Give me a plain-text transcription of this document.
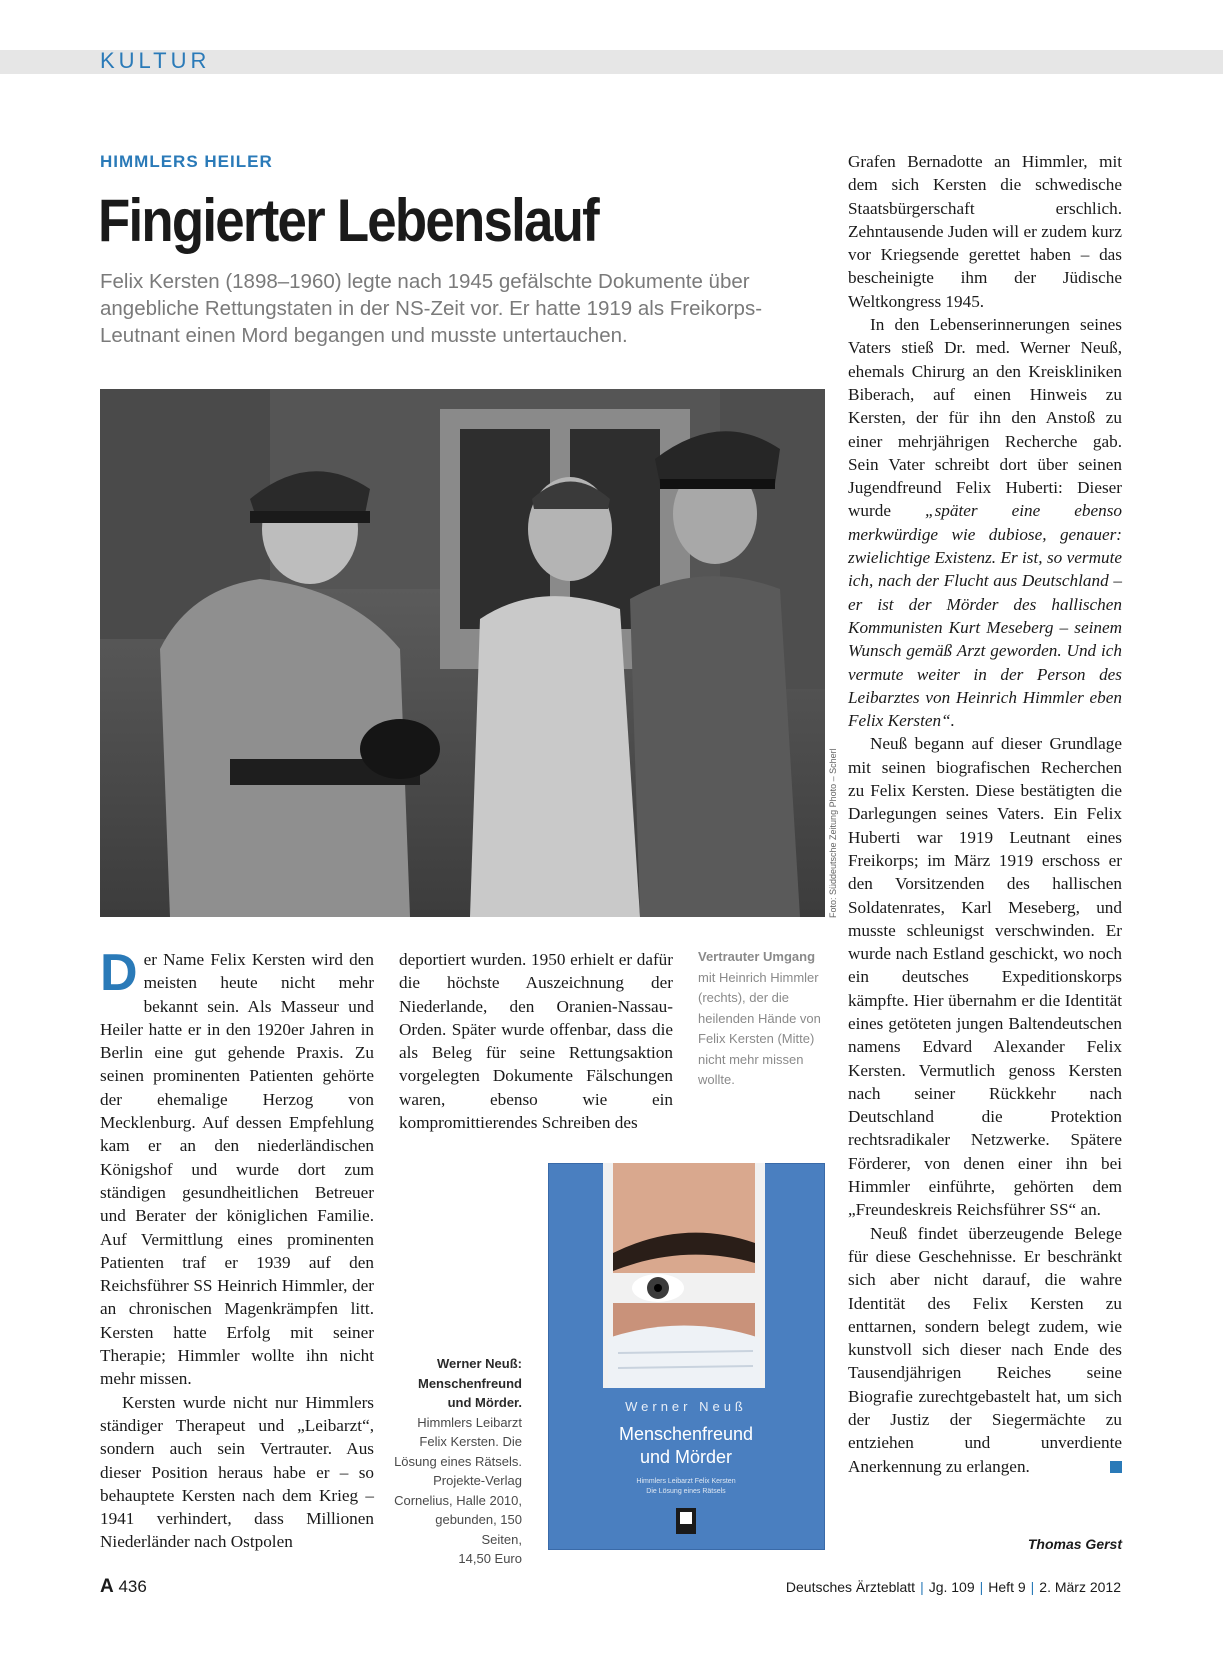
KULTUR
HIMMLERS HEILER
Fingierter Lebenslauf
Felix Kersten (1898–1960) legte nach 1945 gefälschte Dokumente über angebliche Rettungstaten in der NS-Zeit vor. Er hatte 1919 als Freikorps-Leutnant einen Mord begangen und musste untertauchen.
Foto: Süddeutsche Zeitung Photo – Scherl

Der Name Felix Kersten wird den meisten heute nicht mehr bekannt sein. Als Masseur und Heiler hatte er in den 1920er Jahren in Berlin eine gut gehende Praxis. Zu seinen prominenten Patienten gehörte der ehemalige Herzog von Mecklenburg. Auf dessen Empfehlung kam er an den niederländischen Königshof und wurde dort zum ständigen gesundheitlichen Betreuer und Berater der königlichen Familie. Auf Vermittlung eines prominenten Patienten traf er 1939 auf den Reichsführer SS Heinrich Himmler, der an chronischen Magenkrämpfen litt. Kersten hatte Erfolg mit seiner Therapie; Himmler wollte ihn nicht mehr missen.

Kersten wurde nicht nur Himmlers ständiger Therapeut und „Leibarzt“, sondern auch sein Vertrauter. Aus dieser Position heraus habe er – so behauptete Kersten nach dem Krieg – 1941 verhindert, dass Millionen Niederländer nach Ostpolen

deportiert wurden. 1950 erhielt er dafür die höchste Auszeichnung der Niederlande, den Oranien-Nassau-Orden. Später wurde offenbar, dass die als Beleg für seine Rettungsaktion vorgelegten Dokumente Fälschungen waren, ebenso wie ein kompromittierendes Schreiben des

Vertrauter Umgang mit Heinrich Himmler (rechts), der die heilenden Hände von Felix Kersten (Mitte) nicht mehr missen wollte.

Grafen Bernadotte an Himmler, mit dem sich Kersten die schwedische Staatsbürgerschaft erschlich. Zehntausende Juden will er zudem kurz vor Kriegsende gerettet haben – das bescheinigte ihm der Jüdische Weltkongress 1945.

In den Lebenserinnerungen seines Vaters stieß Dr. med. Werner Neuß, ehemals Chirurg an den Kreiskliniken Biberach, auf einen Hinweis zu Kersten, der für ihn den Anstoß zu einer mehrjährigen Recherche gab. Sein Vater schreibt dort über seinen Jugendfreund Felix Huberti: Dieser wurde „später eine ebenso merkwürdige wie dubiose, genauer: zwielichtige Existenz. Er ist, so vermute ich, nach der Flucht aus Deutschland – er ist der Mörder des hallischen Kommunisten Kurt Meseberg – seinem Wunsch gemäß Arzt geworden. Und ich vermute weiter in der Person des Leibarztes von Heinrich Himmler eben Felix Kersten“.

Neuß begann auf dieser Grundlage mit seinen biografischen Recherchen zu Felix Kersten. Diese bestätigten die Darlegungen seines Vaters. Ein Felix Huberti war 1919 Leutnant eines Freikorps; im März 1919 erschoss er den Vorsitzenden des hallischen Soldatenrates, Karl Meseberg, und musste schleunigst verschwinden. Er wurde nach Estland geschickt, wo noch ein deutsches Expeditionskorps kämpfte. Hier übernahm er die Identität eines getöteten jungen Baltendeutschen namens Edvard Alexander Felix Kersten. Vermutlich genoss Kersten nach seiner Rückkehr nach Deutschland die Protektion rechtsradikaler Netzwerke. Spätere Förderer, von denen einer ihn bei Himmler einführte, gehörten dem „Freundeskreis Reichsführer SS“ an.

Neuß findet überzeugende Belege für diese Geschehnisse. Er beschränkt sich aber nicht darauf, die wahre Identität des Felix Kersten zu enttarnen, sondern belegt zudem, wie kunstvoll sich dieser nach Ende des Tausendjährigen Reiches seine Biografie zurechtgebastelt hat, um sich der Justiz der Siegermächte zu entziehen und unverdiente Anerkennung zu erlangen.

Werner Neuß:
Menschenfreund
und Mörder.
Himmlers Leibarzt
Felix Kersten. Die
Lösung eines Rätsels.
Projekte-Verlag
Cornelius, Halle 2010,
gebunden, 150 Seiten,
14,50 Euro
Werner Neuß
Menschenfreund
und Mörder
Himmlers Leibarzt Felix Kersten
Die Lösung eines Rätsels
Thomas Gerst
A 436	Deutsches Ärzteblatt | Jg. 109 | Heft 9 | 2. März 2012
